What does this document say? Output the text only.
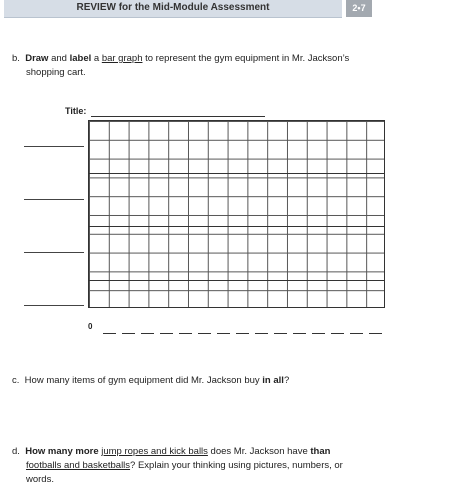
REVIEW for the Mid-Module Assessment	2•7
b. Draw and label a bar graph to represent the gym equipment in Mr. Jackson’s
shopping cart.
Title:
0
c. How many items of gym equipment did Mr. Jackson buy in all?
d. How many more jump ropes and kick balls does Mr. Jackson have than
footballs and basketballs? Explain your thinking using pictures, numbers, or
words.
